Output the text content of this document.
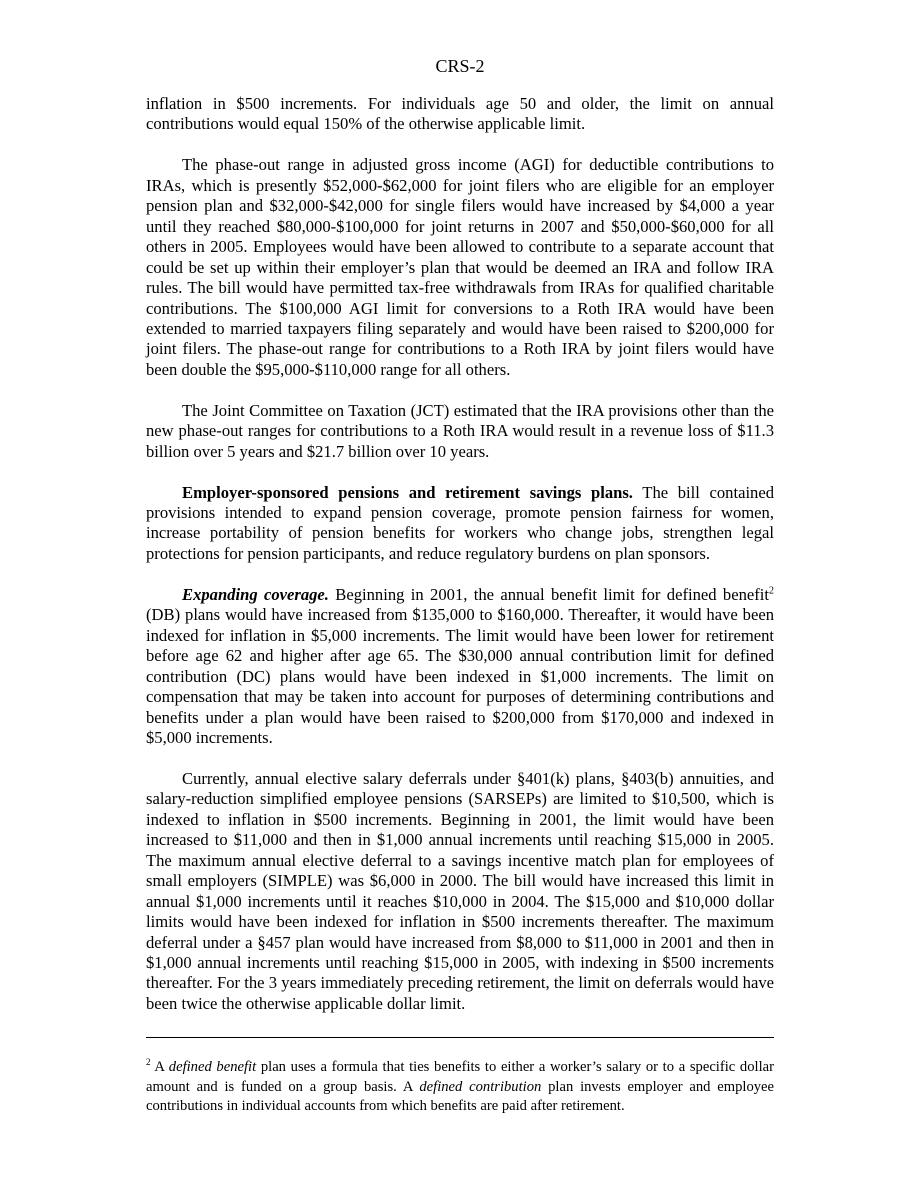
CRS-2

inflation in $500 increments. For individuals age 50 and older, the limit on annual contributions would equal 150% of the otherwise applicable limit.

The phase-out range in adjusted gross income (AGI) for deductible contributions to IRAs, which is presently $52,000-$62,000 for joint filers who are eligible for an employer pension plan and $32,000-$42,000 for single filers would have increased by $4,000 a year until they reached $80,000-$100,000 for joint returns in 2007 and $50,000-$60,000 for all others in 2005. Employees would have been allowed to contribute to a separate account that could be set up within their employer’s plan that would be deemed an IRA and follow IRA rules. The bill would have permitted tax-free withdrawals from IRAs for qualified charitable contributions. The $100,000 AGI limit for conversions to a Roth IRA would have been extended to married taxpayers filing separately and would have been raised to $200,000 for joint filers. The phase-out range for contributions to a Roth IRA by joint filers would have been double the $95,000-$110,000 range for all others.

The Joint Committee on Taxation (JCT) estimated that the IRA provisions other than the new phase-out ranges for contributions to a Roth IRA would result in a revenue loss of $11.3 billion over 5 years and $21.7 billion over 10 years.

Employer-sponsored pensions and retirement savings plans. The bill contained provisions intended to expand pension coverage, promote pension fairness for women, increase portability of pension benefits for workers who change jobs, strengthen legal protections for pension participants, and reduce regulatory burdens on plan sponsors.

Expanding coverage. Beginning in 2001, the annual benefit limit for defined benefit$^2$ (DB) plans would have increased from $135,000 to $160,000. Thereafter, it would have been indexed for inflation in $5,000 increments. The limit would have been lower for retirement before age 62 and higher after age 65. The $30,000 annual contribution limit for defined contribution (DC) plans would have been indexed in $1,000 increments. The limit on compensation that may be taken into account for purposes of determining contributions and benefits under a plan would have been raised to $200,000 from $170,000 and indexed in $5,000 increments.

Currently, annual elective salary deferrals under §401(k) plans, §403(b) annuities, and salary-reduction simplified employee pensions (SARSEPs) are limited to $10,500, which is indexed to inflation in $500 increments. Beginning in 2001, the limit would have been increased to $11,000 and then in $1,000 annual increments until reaching $15,000 in 2005. The maximum annual elective deferral to a savings incentive match plan for employees of small employers (SIMPLE) was $6,000 in 2000. The bill would have increased this limit in annual $1,000 increments until it reaches $10,000 in 2004. The $15,000 and $10,000 dollar limits would have been indexed for inflation in $500 increments thereafter. The maximum deferral under a §457 plan would have increased from $8,000 to $11,000 in 2001 and then in $1,000 annual increments until reaching $15,000 in 2005, with indexing in $500 increments thereafter. For the 3 years immediately preceding retirement, the limit on deferrals would have been twice the otherwise applicable dollar limit.

$^2$ A defined benefit plan uses a formula that ties benefits to either a worker’s salary or to a specific dollar amount and is funded on a group basis. A defined contribution plan invests employer and employee contributions in individual accounts from which benefits are paid after retirement.
